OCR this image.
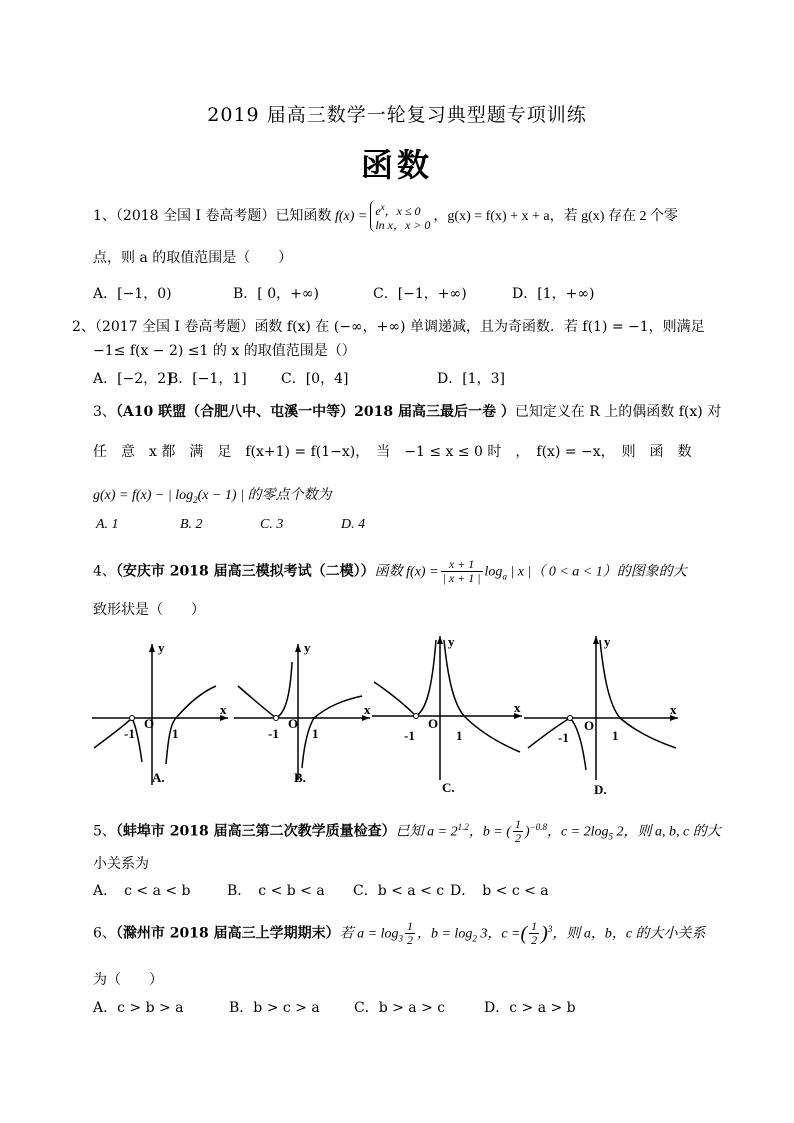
2019 届高三数学一轮复习典型题专项训练
函数
1、（2018 全国 I 卷高考题）已知函数 $f(x) = e^x$，x ≤ 0
ln x，x > 0，g(x) = f(x) + x + a，若 g(x) 存在 2 个零
点，则 a 的取值范围是（　　）
A．[−1，0)	B．[ 0，+∞)	C．[−1，+∞)	D．[1，+∞)
2、（2017 全国 I 卷高考题）函数 f(x) 在 (−∞，+∞) 单调递减，且为奇函数．若 f(1) = −1，则满足
−1≤ f(x − 2) ≤1 的 x 的取值范围是（）
A．[−2，2]
B．[−1，1] C．[0，4]	D．[1，3]
3、（A10 联盟（合肥八中、屯溪一中等）2018 届高三最后一卷 ）已知定义在 R 上的偶函数 f(x) 对
任　意　x 都　满　足　f(x+1) = f(1−x)，　当　−1 ≤ x ≤ 0 时　，　f(x) = −x，　则　函　数
g(x) = f(x) − | $\log_2(x - 1)$ | 的零点个数为
A. 1	B. 2	C. 3	D. 4
4、（安庆市 2018 届高三模拟考试（二模））函数 $f(x) = \frac{x + 1}{| x + 1 |} \log_a$ | x |（ 0 < a < 1）的图象的大
致形状是（　　）
x
y
-1
O
1
A.
x
y
-1
O
1
B.
x
y
-1
O
1
C.
x
y
-1
O
1
D.
5、（蚌埠市 2018 届高三第二次教学质量检查）已知 $a = 2^{1.2}$，b = ( $\frac{1}{2} )^{-0.8}$，$c = 2\log_5$ 2，则 a, b, c 的大
小关系为
A．　c < a < b	B．　c < b < a C．b < a < c D．　b < c < a
6、（滁州市 2018 届高三上学期期末）若 $a = \log_3 \frac{1}{2}$ ，$b = \log_2 3$，c =( $\frac{1}{2} )^3$，则 a，b，c 的大小关系
为（　　）
A．c > b > a	B．b > c > a C．b > a > c	D．c > a > b
